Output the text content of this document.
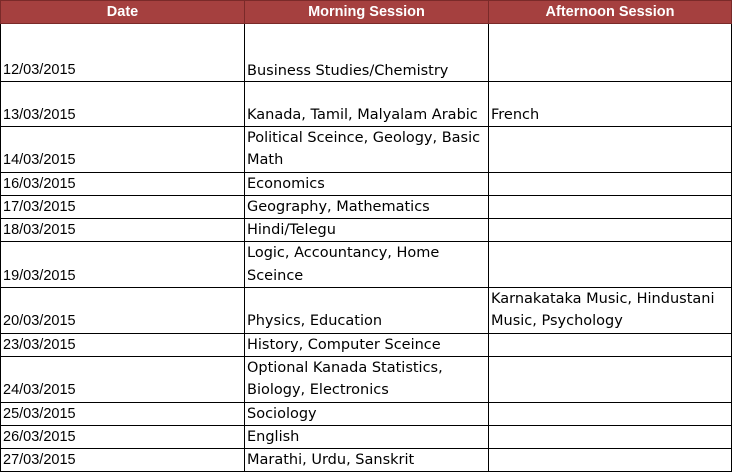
Date	Morning Session	Afternoon Session
12/03/2015	Business Studies/Chemistry	
13/03/2015	Kanada, Tamil, Malyalam Arabic	French
14/03/2015	Political Sceince, Geology, Basic Math	
16/03/2015	Economics	
17/03/2015	Geography, Mathematics	
18/03/2015	Hindi/Telegu	
19/03/2015	Logic, Accountancy, Home Sceince	
20/03/2015	Physics, Education	Karnakataka Music, Hindustani Music, Psychology
23/03/2015	History, Computer Sceince	
24/03/2015	Optional Kanada Statistics, Biology, Electronics	
25/03/2015	Sociology	
26/03/2015	English	
27/03/2015	Marathi, Urdu, Sanskrit	
